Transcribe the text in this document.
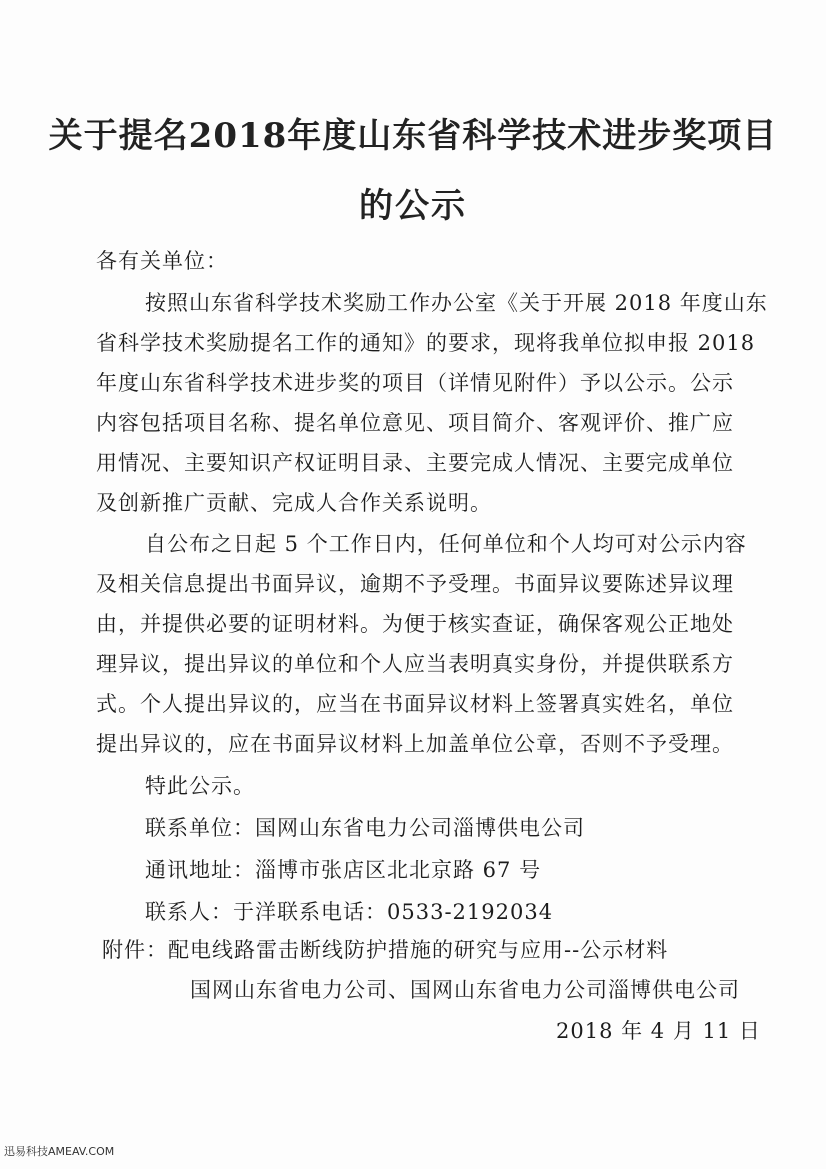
关于提名2018年度山东省科学技术进步奖项目
的公示
各有关单位：
按照山东省科学技术奖励工作办公室《关于开展 2018 年度山东
省科学技术奖励提名工作的通知》的要求，现将我单位拟申报 2018
年度山东省科学技术进步奖的项目（详情见附件）予以公示。公示
内容包括项目名称、提名单位意见、项目简介、客观评价、推广应
用情况、主要知识产权证明目录、主要完成人情况、主要完成单位
及创新推广贡献、完成人合作关系说明。
自公布之日起 5 个工作日内，任何单位和个人均可对公示内容
及相关信息提出书面异议，逾期不予受理。书面异议要陈述异议理
由，并提供必要的证明材料。为便于核实查证，确保客观公正地处
理异议，提出异议的单位和个人应当表明真实身份，并提供联系方
式。个人提出异议的，应当在书面异议材料上签署真实姓名，单位
提出异议的，应在书面异议材料上加盖单位公章，否则不予受理。
特此公示。
联系单位：国网山东省电力公司淄博供电公司
通讯地址：淄博市张店区北北京路 67 号
联系人：于洋联系电话：0533-2192034
附件：配电线路雷击断线防护措施的研究与应用--公示材料
国网山东省电力公司、国网山东省电力公司淄博供电公司
2018 年 4 月 11 日
迅易科技AMEAV.COM
